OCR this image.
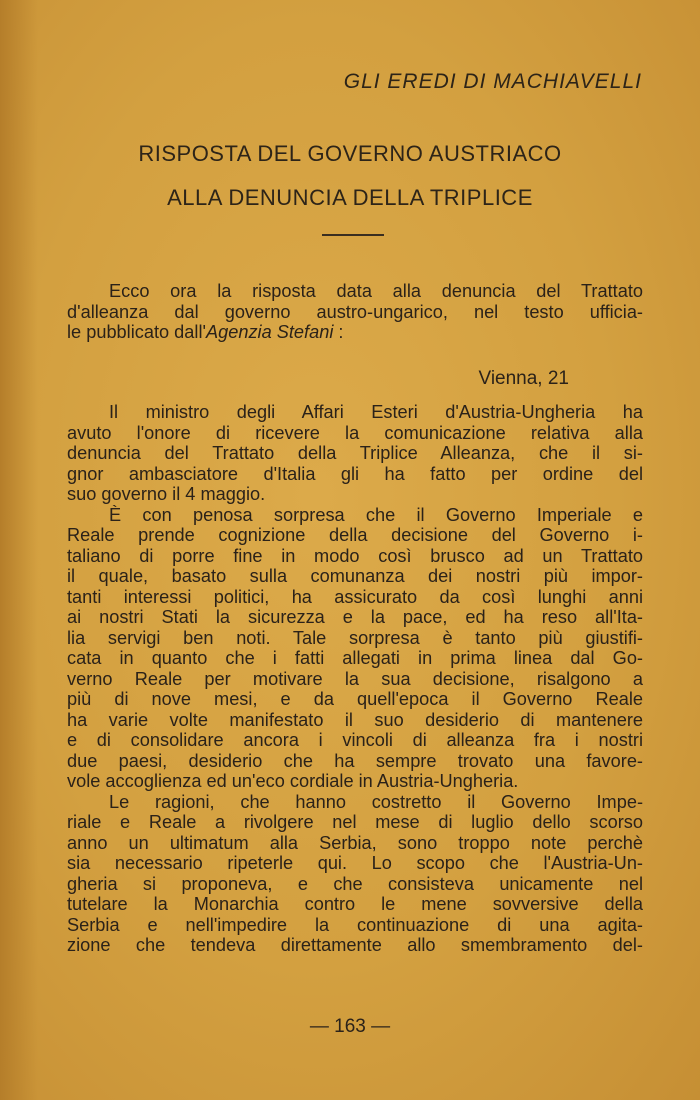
GLI EREDI DI MACHIAVELLI
RISPOSTA DEL GOVERNO AUSTRIACO
ALLA DENUNCIA DELLA TRIPLICE
Ecco ora la risposta data alla denuncia del Trattato
d'alleanza dal governo austro-ungarico, nel testo ufficia-
le pubblicato dall'Agenzia Stefani :
Vienna, 21
Il ministro degli Affari Esteri d'Austria-Ungheria ha
avuto l'onore di ricevere la comunicazione relativa alla
denuncia del Trattato della Triplice Alleanza, che il si-
gnor ambasciatore d'Italia gli ha fatto per ordine del
suo governo il 4 maggio.
È con penosa sorpresa che il Governo Imperiale e
Reale prende cognizione della decisione del Governo i-
taliano di porre fine in modo così brusco ad un Trattato
il quale, basato sulla comunanza dei nostri più impor-
tanti interessi politici, ha assicurato da così lunghi anni
ai nostri Stati la sicurezza e la pace, ed ha reso all'Ita-
lia servigi ben noti. Tale sorpresa è tanto più giustifi-
cata in quanto che i fatti allegati in prima linea dal Go-
verno Reale per motivare la sua decisione, risalgono a
più di nove mesi, e da quell'epoca il Governo Reale
ha varie volte manifestato il suo desiderio di mantenere
e di consolidare ancora i vincoli di alleanza fra i nostri
due paesi, desiderio che ha sempre trovato una favore-
vole accoglienza ed un'eco cordiale in Austria-Ungheria.
Le ragioni, che hanno costretto il Governo Impe-
riale e Reale a rivolgere nel mese di luglio dello scorso
anno un ultimatum alla Serbia, sono troppo note perchè
sia necessario ripeterle qui. Lo scopo che l'Austria-Un-
gheria si proponeva, e che consisteva unicamente nel
tutelare la Monarchia contro le mene sovversive della
Serbia e nell'impedire la continuazione di una agita-
zione che tendeva direttamente allo smembramento del-
— 163 —
